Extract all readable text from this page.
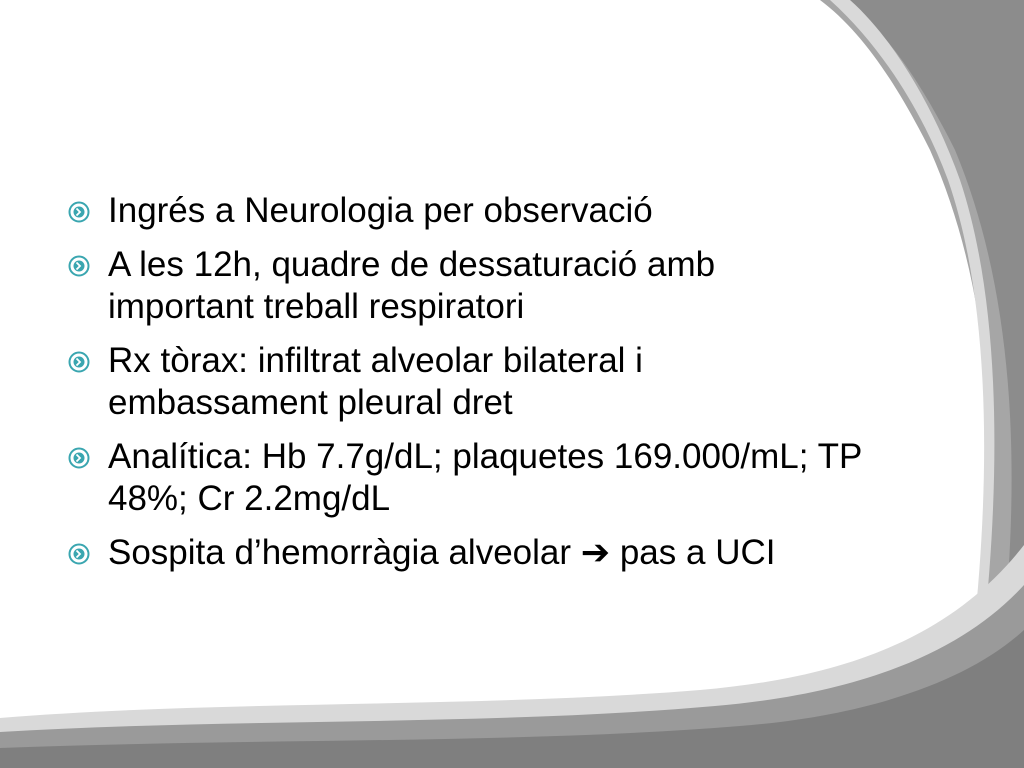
Ingrés a Neurologia per observació
A les 12h, quadre de dessaturació amb important treball respiratori
Rx tòrax: infiltrat alveolar bilateral i embassament pleural dret
Analítica: Hb 7.7g/dL; plaquetes 169.000/mL; TP 48%; Cr 2.2mg/dL
Sospita d’hemorràgia alveolar ➔ pas a UCI
